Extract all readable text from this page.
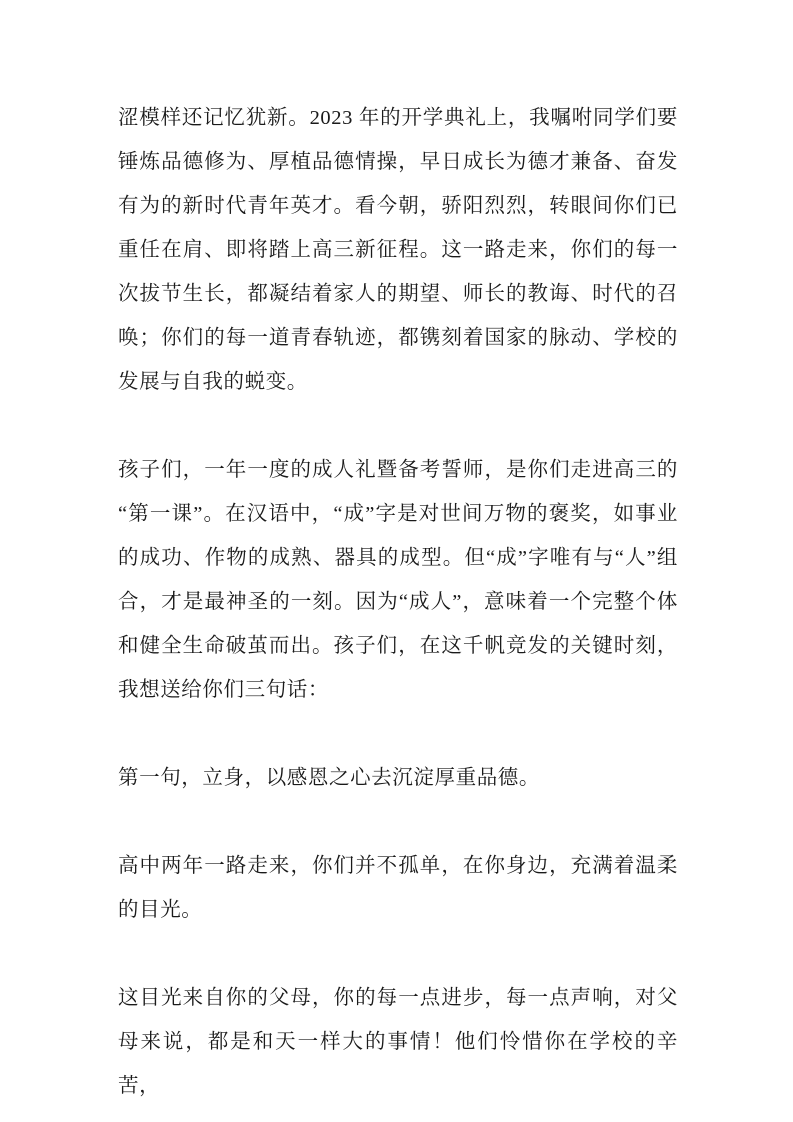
涩模样还记忆犹新。2023 年的开学典礼上，我嘱咐同学们要锤炼品德修为、厚植品德情操，早日成长为德才兼备、奋发有为的新时代青年英才。看今朝，骄阳烈烈，转眼间你们已重任在肩、即将踏上高三新征程。这一路走来，你们的每一次拔节生长，都凝结着家人的期望、师长的教诲、时代的召唤；你们的每一道青春轨迹，都镌刻着国家的脉动、学校的发展与自我的蜕变。

孩子们，一年一度的成人礼暨备考誓师，是你们走进高三的“第一课”。在汉语中，“成”字是对世间万物的褒奖，如事业的成功、作物的成熟、器具的成型。但“成”字唯有与“人”组合，才是最神圣的一刻。因为“成人”，意味着一个完整个体和健全生命破茧而出。孩子们，在这千帆竞发的关键时刻，我想送给你们三句话：

第一句，立身，以感恩之心去沉淀厚重品德。

高中两年一路走来，你们并不孤单，在你身边，充满着温柔的目光。

这目光来自你的父母，你的每一点进步，每一点声响，对父母来说，都是和天一样大的事情！他们怜惜你在学校的辛苦，
